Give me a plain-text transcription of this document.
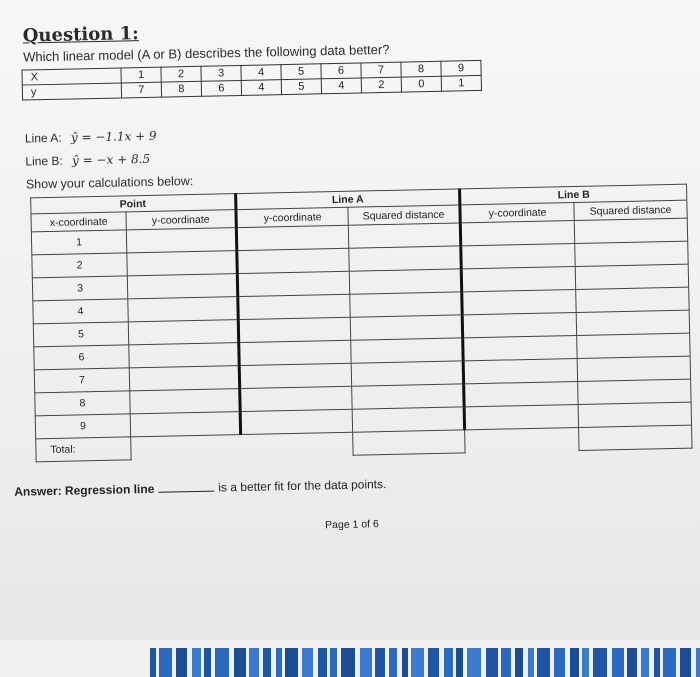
Question 1:
Which linear model (A or B) describes the following data better?
X	1	2	3	4	5	6	7	8	9
y	7	8	6	4	5	4	2	0	1
Line A: ŷ = −1.1x + 9
Line B: ŷ = −x + 8.5
Show your calculations below:
Point		Line A		Line B	
x-coordinate	y-coordinate	y-coordinate	Squared distance	y-coordinate	Squared distance
1					
2					
3					
4					
5					
6					
7					
8					
9					
Total:					
Answer: Regression line	is a better fit for the data points.
Page 1 of 6
